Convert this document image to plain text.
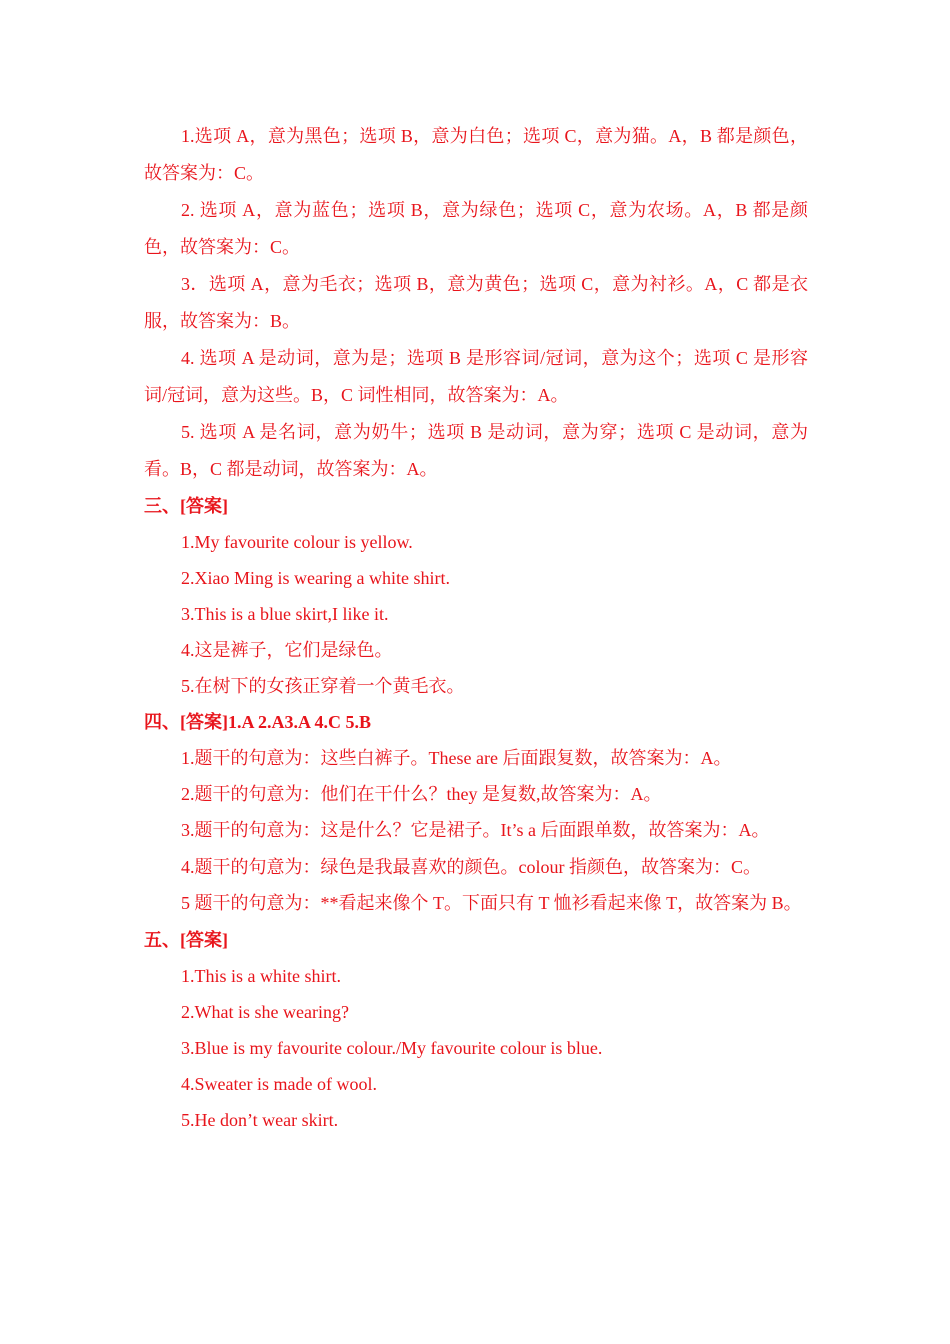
1.选项 A，意为黑色；选项 B，意为白色；选项 C，意为猫。A，B 都是颜色，故答案为：C。

2. 选项 A，意为蓝色；选项 B，意为绿色；选项 C，意为农场。A，B 都是颜色，故答案为：C。

3．选项 A，意为毛衣；选项 B，意为黄色；选项 C，意为衬衫。A，C 都是衣服，故答案为：B。

4. 选项 A 是动词，意为是；选项 B 是形容词/冠词，意为这个；选项 C 是形容词/冠词，意为这些。B，C 词性相同，故答案为：A。

5. 选项 A 是名词，意为奶牛；选项 B 是动词，意为穿；选项 C 是动词，意为看。B，C 都是动词，故答案为：A。

三、[答案]

1.My favourite colour is yellow.

2.Xiao Ming is wearing a white shirt.

3.This is a blue skirt,I like it.

4.这是裤子，它们是绿色。

5.在树下的女孩正穿着一个黄毛衣。

四、[答案]1.A 2.A3.A 4.C 5.B

1.题干的句意为：这些白裤子。These are 后面跟复数，故答案为：A。

2.题干的句意为：他们在干什么？they 是复数,故答案为：A。

3.题干的句意为：这是什么？它是裙子。It’s a 后面跟单数，故答案为：A。

4.题干的句意为：绿色是我最喜欢的颜色。colour 指颜色，故答案为：C。

5 题干的句意为：**看起来像个 T。下面只有 T 恤衫看起来像 T，故答案为 B。

五、[答案]

1.This is a white shirt.

2.What is she wearing?

3.Blue is my favourite colour./My favourite colour is blue.

4.Sweater is made of wool.

5.He don’t wear skirt.
